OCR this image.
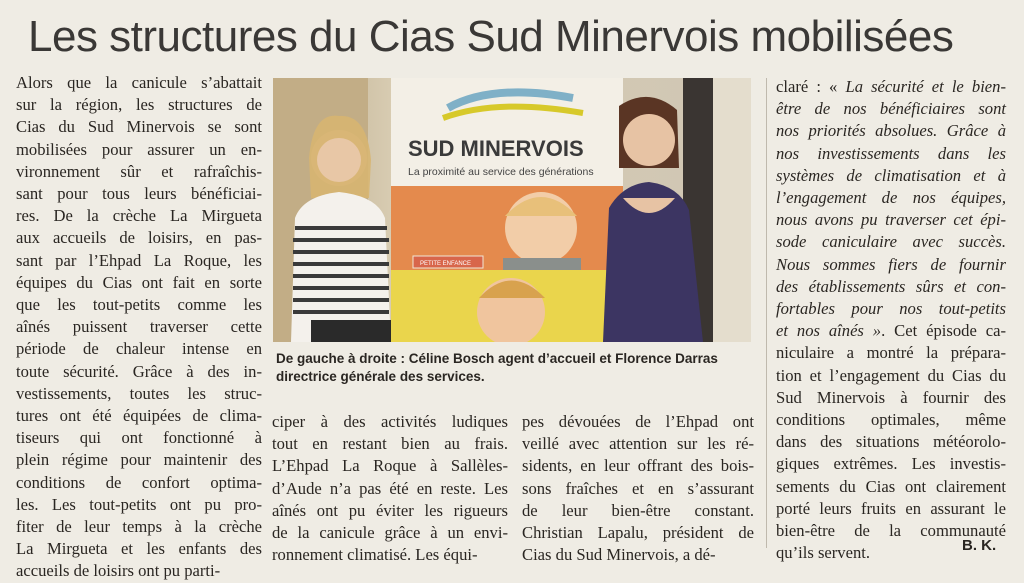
Les structures du Cias Sud Minervois mobilisées
Alors que la canicule s’abattait
sur la région, les structures de
Cias du Sud Minervois se sont
mobilisées pour assurer un en-
vironnement sûr et rafraîchis-
sant pour tous leurs bénéficiai-
res. De la crèche La Mirgueta
aux accueils de loisirs, en pas-
sant par l’Ehpad La Roque, les
équipes du Cias ont fait en sorte
que les tout-petits comme les
aînés puissent traverser cette
période de chaleur intense en
toute sécurité. Grâce à des in-
vestissements, toutes les struc-
tures ont été équipées de clima-
tiseurs qui ont fonctionné à
plein régime pour maintenir des
conditions de confort optima-
les. Les tout-petits ont pu pro-
fiter de leur temps à la crèche
La Mirgueta et les enfants des
accueils de loisirs ont pu parti-
SUD MINERVOIS
La proximité au service des générations
PETITE ENFANCE
De gauche à droite : Céline Bosch agent d’accueil et Florence Darras directrice générale des services.
ciper à des activités ludiques
tout en restant bien au frais.
L’Ehpad La Roque à Sallèles-
d’Aude n’a pas été en reste. Les
aînés ont pu éviter les rigueurs
de la canicule grâce à un envi-
ronnement climatisé. Les équi-
pes dévouées de l’Ehpad ont
veillé avec attention sur les ré-
sidents, en leur offrant des bois-
sons fraîches et en s’assurant
de leur bien-être constant.
Christian Lapalu, président de
Cias du Sud Minervois, a dé-
claré : « La sécurité et le bien-
être de nos bénéficiaires sont
nos priorités absolues. Grâce à
nos investissements dans les
systèmes de climatisation et à
l’engagement de nos équipes,
nous avons pu traverser cet épi-
sode caniculaire avec succès.
Nous sommes fiers de fournir
des établissements sûrs et con-
fortables pour nos tout-petits
et nos aînés ». Cet épisode ca-
niculaire a montré la prépara-
tion et l’engagement du Cias du
Sud Minervois à fournir des
conditions optimales, même
dans des situations météorolo-
giques extrêmes. Les investis-
sements du Cias ont clairement
porté leurs fruits en assurant le
bien-être de la communauté
qu’ils servent.	B. K.
